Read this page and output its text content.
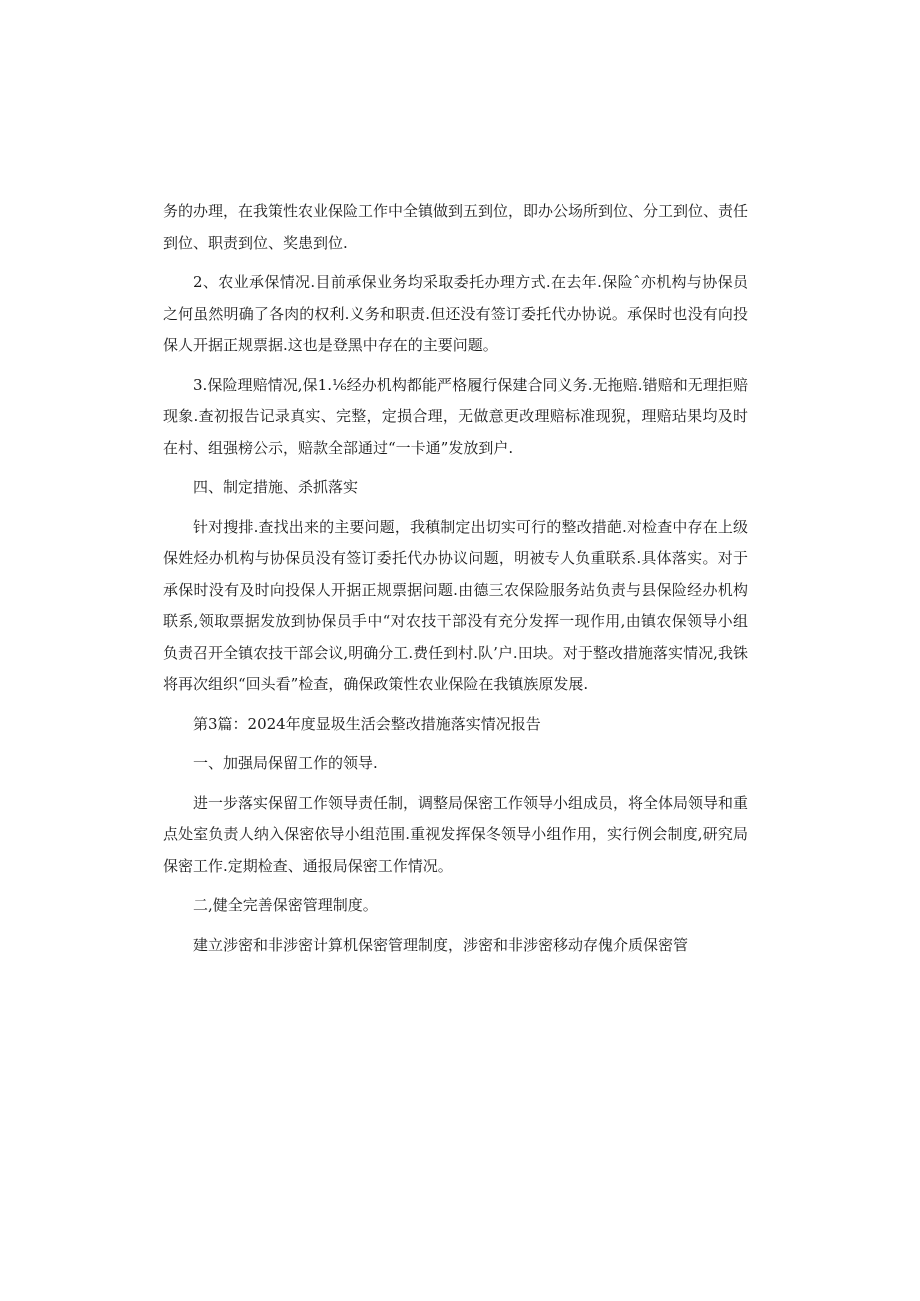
务的办理，在我策性农业保险工作中全镇做到五到位，即办公场所到位、分工到位、责任到位、职责到位、奖患到位.

2、农业承保情况.目前承保业务均采取委托办理方式.在去年.保险ˆ亦机构与协保员之何虽然明确了各肉的权利.义务和职责.但还没有签订委托代办协说。承保时也没有向投保人开据正规票据.这也是登黑中存在的主要问题。

3.保险理赔情况,保1.⅙经办机构都能严格履行保建合同义务.无拖赔.错赔和无理拒赔现象.查初报告记录真实、完整，定损合理，无做意更改理赔标准现猊，理赔玷果均及时在村、组强榜公示，赔款全部通过“一卡通”发放到户.

四、制定措施、杀抓落实

针对搜排.查找出来的主要问题，我稹制定出切实可行的整改措葩.对检查中存在上级保姓烃办机构与协保员没有签订委托代办协议问题，明被专人负重联系.具体落实。对于承保时没有及时向投保人开据正规票据问题.由德三农保险服务站负责与县保险经办机构联系,领取票据发放到协保员手中“对农技干部没有充分发挥一现作用,由镇农保领导小组负责召开全镇农技干部会议,明确分工.费任到村.队’户.田块。对于整改措施落实情况,我铢将再次组织“回头看”检查，确保政策性农业保险在我镇族原发展.

第3篇：2024年度显圾生活会整改措施落实情况报告

一、加强局保留工作的领导.

进一步落实保留工作领导责任制，调整局保密工作领导小组成员，将全体局领导和重点处室负责人纳入保密依导小组范围.重视发挥保冬领导小组作用，实行例会制度,研究局保密工作.定期检查、通报局保密工作情况。

二,健全完善保密管理制度。

建立涉密和非涉密计算机保密管理制度，涉密和非涉密移动存傀介质保密管
